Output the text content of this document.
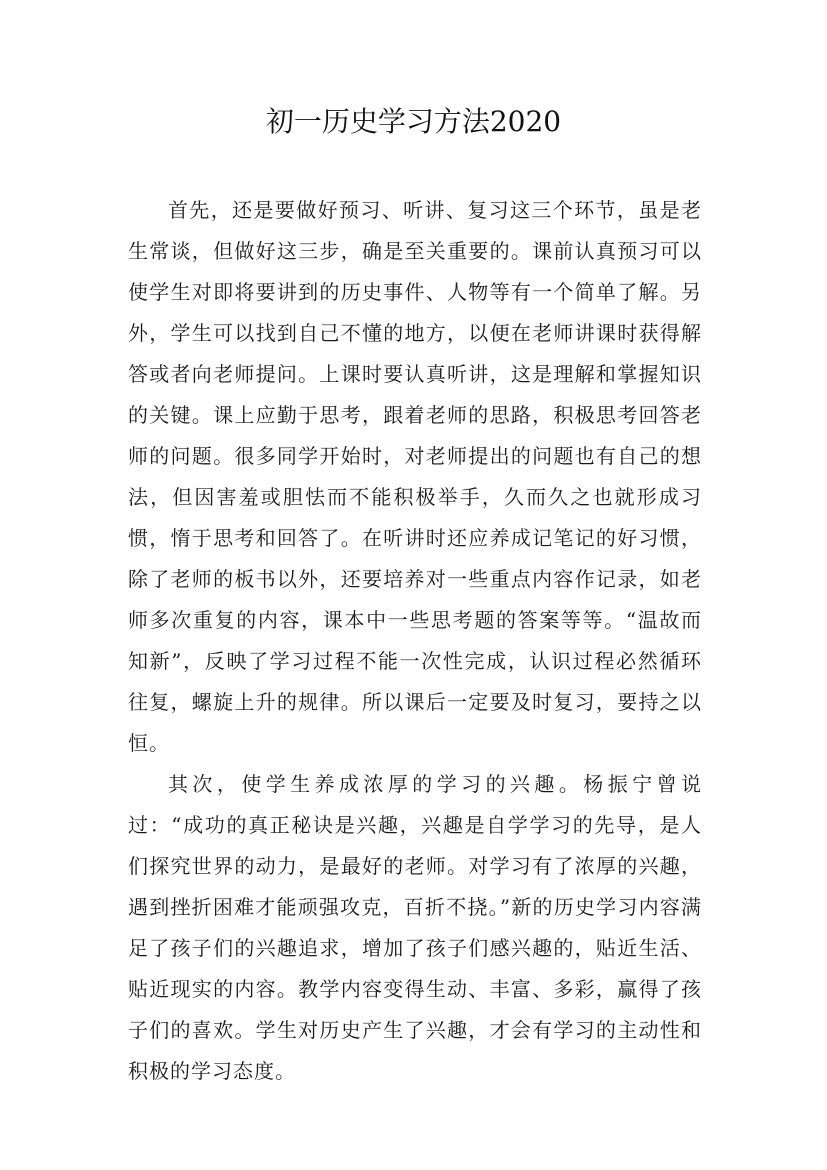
初一历史学习方法2020

首先，还是要做好预习、听讲、复习这三个环节，虽是老生常谈，但做好这三步，确是至关重要的。课前认真预习可以使学生对即将要讲到的历史事件、人物等有一个简单了解。另外，学生可以找到自己不懂的地方，以便在老师讲课时获得解答或者向老师提问。上课时要认真听讲，这是理解和掌握知识的关键。课上应勤于思考，跟着老师的思路，积极思考回答老师的问题。很多同学开始时，对老师提出的问题也有自己的想法，但因害羞或胆怯而不能积极举手，久而久之也就形成习惯，惰于思考和回答了。在听讲时还应养成记笔记的好习惯，除了老师的板书以外，还要培养对一些重点内容作记录，如老师多次重复的内容，课本中一些思考题的答案等等。“温故而知新”，反映了学习过程不能一次性完成，认识过程必然循环往复，螺旋上升的规律。所以课后一定要及时复习，要持之以恒。

其次，使学生养成浓厚的学习的兴趣。杨振宁曾说过：“成功的真正秘诀是兴趣，兴趣是自学学习的先导，是人们探究世界的动力，是最好的老师。对学习有了浓厚的兴趣，遇到挫折困难才能顽强攻克，百折不挠。”新的历史学习内容满足了孩子们的兴趣追求，增加了孩子们感兴趣的，贴近生活、贴近现实的内容。教学内容变得生动、丰富、多彩，赢得了孩子们的喜欢。学生对历史产生了兴趣，才会有学习的主动性和积极的学习态度。
